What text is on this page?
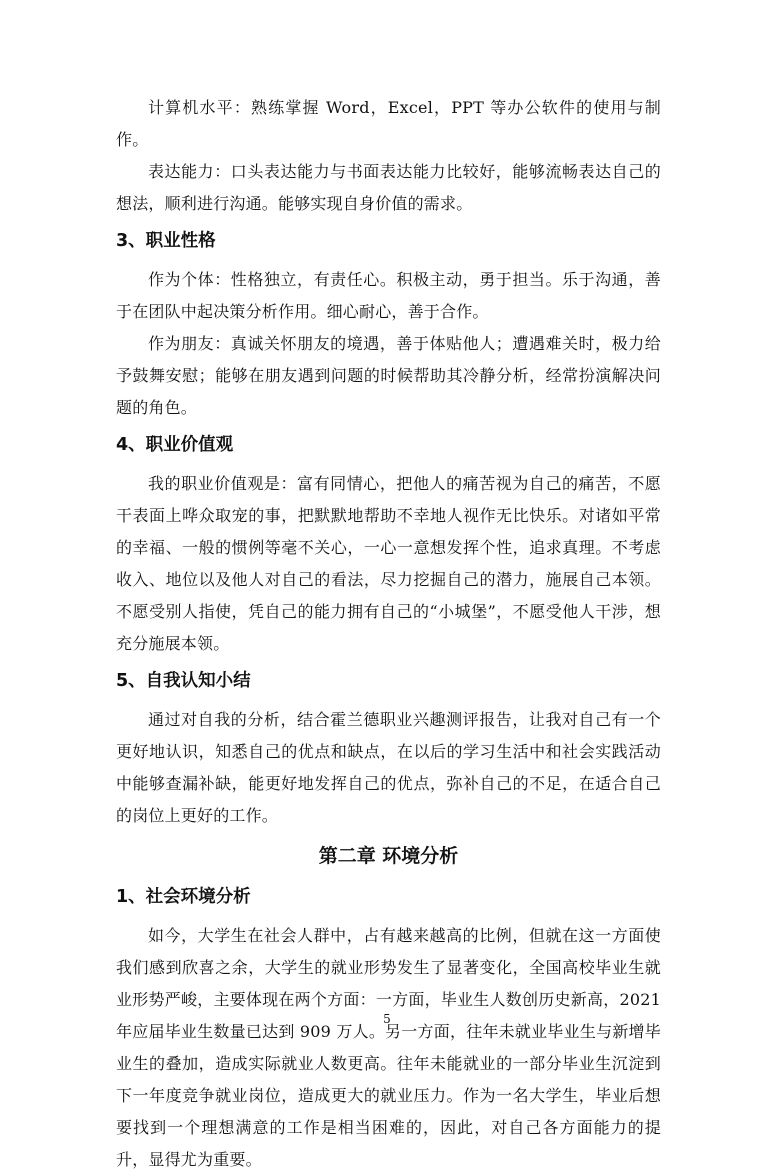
计算机水平：熟练掌握 Word，Excel，PPT 等办公软件的使用与制作。

表达能力：口头表达能力与书面表达能力比较好，能够流畅表达自己的想法，顺利进行沟通。能够实现自身价值的需求。

3、职业性格

作为个体：性格独立，有责任心。积极主动，勇于担当。乐于沟通，善于在团队中起决策分析作用。细心耐心，善于合作。

作为朋友：真诚关怀朋友的境遇，善于体贴他人；遭遇难关时，极力给予鼓舞安慰；能够在朋友遇到问题的时候帮助其冷静分析，经常扮演解决问题的角色。

4、职业价值观

我的职业价值观是：富有同情心，把他人的痛苦视为自己的痛苦，不愿干表面上哗众取宠的事，把默默地帮助不幸地人视作无比快乐。对诸如平常的幸福、一般的惯例等毫不关心，一心一意想发挥个性，追求真理。不考虑收入、地位以及他人对自己的看法，尽力挖掘自己的潜力，施展自己本领。不愿受别人指使，凭自己的能力拥有自己的“小城堡”，不愿受他人干涉，想充分施展本领。

5、自我认知小结

通过对自我的分析，结合霍兰德职业兴趣测评报告，让我对自己有一个更好地认识，知悉自己的优点和缺点，在以后的学习生活中和社会实践活动中能够查漏补缺，能更好地发挥自己的优点，弥补自己的不足，在适合自己的岗位上更好的工作。

第二章 环境分析
1、社会环境分析

如今，大学生在社会人群中，占有越来越高的比例，但就在这一方面使我们感到欣喜之余，大学生的就业形势发生了显著变化，全国高校毕业生就业形势严峻，主要体现在两个方面：一方面，毕业生人数创历史新高，2021 年应届毕业生数量已达到 909 万人。另一方面，往年未就业毕业生与新增毕业生的叠加，造成实际就业人数更高。往年未能就业的一部分毕业生沉淀到下一年度竞争就业岗位，造成更大的就业压力。作为一名大学生，毕业后想要找到一个理想满意的工作是相当困难的，因此，对自己各方面能力的提升，显得尤为重要。

5
